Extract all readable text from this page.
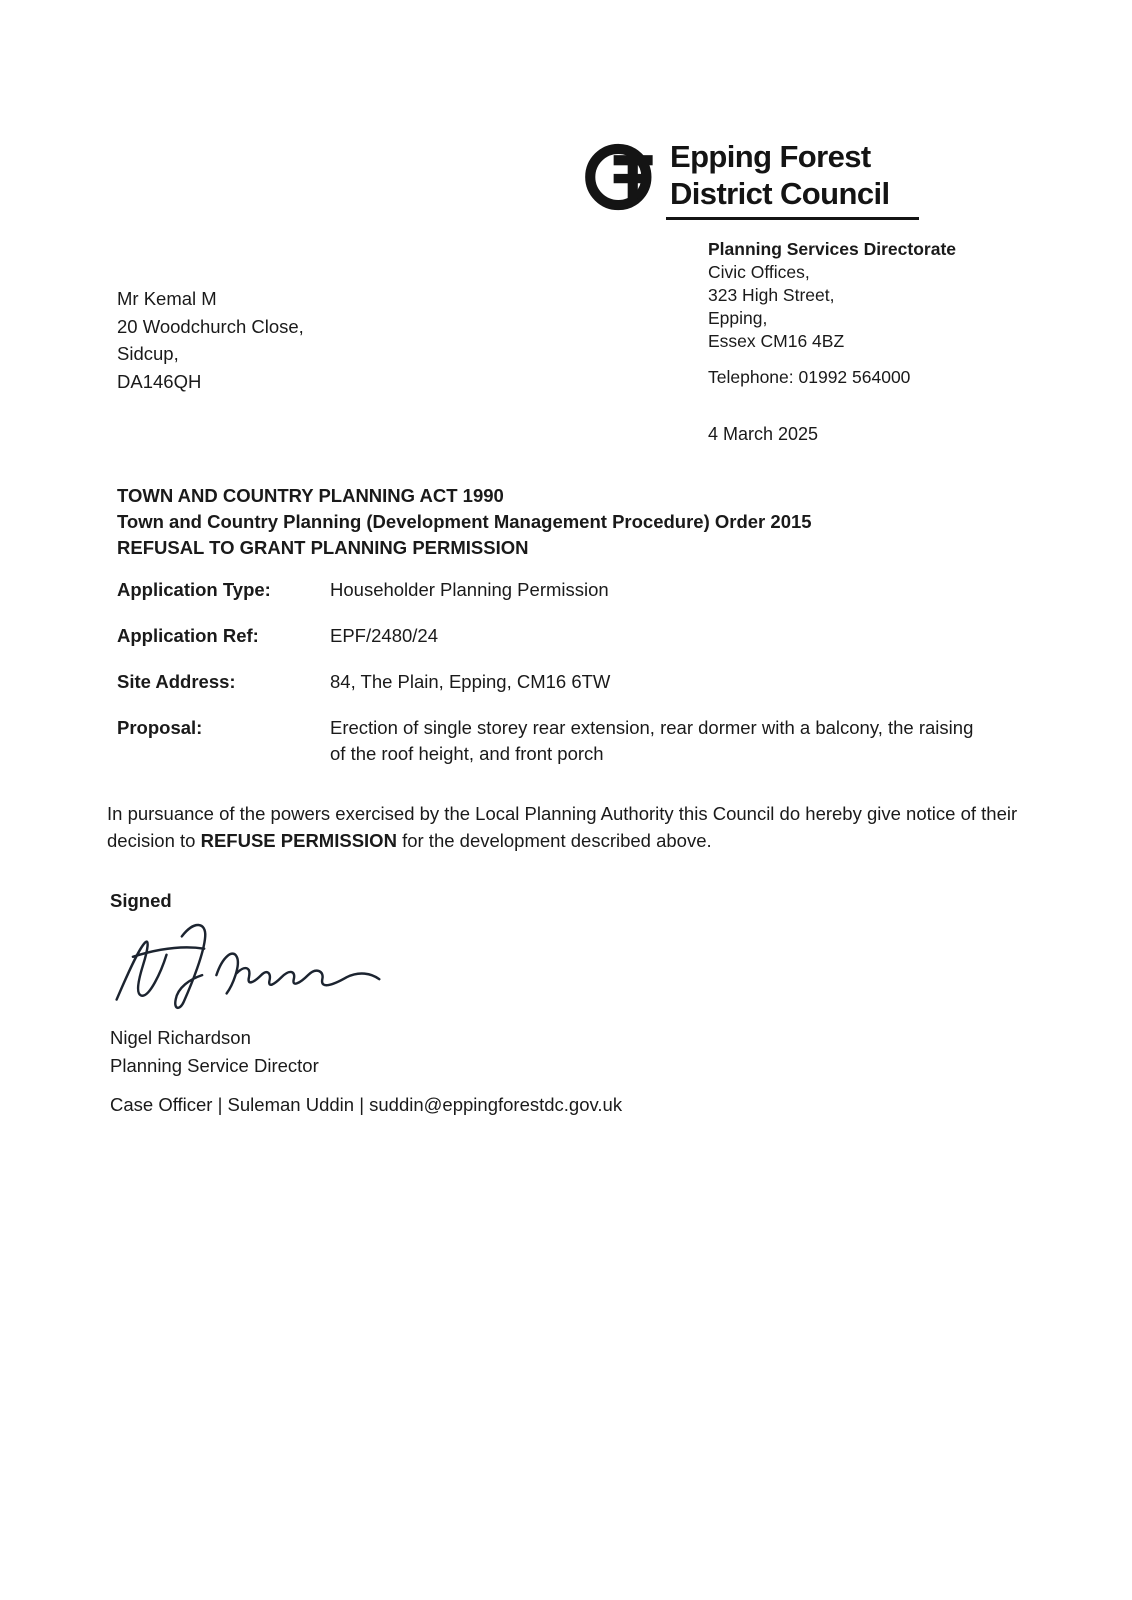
Epping Forest
District Council
Planning Services Directorate
Civic Offices,
323 High Street,
Epping,
Essex CM16 4BZ
Telephone: 01992 564000
4 March 2025
Mr Kemal M
20 Woodchurch Close,
Sidcup,
DA146QH
TOWN AND COUNTRY PLANNING ACT 1990
Town and Country Planning (Development Management Procedure) Order 2015
REFUSAL TO GRANT PLANNING PERMISSION
Application Type:	Householder Planning Permission
Application Ref:	EPF/2480/24
Site Address:	84, The Plain, Epping, CM16 6TW
Proposal:	Erection of single storey rear extension, rear dormer with a balcony, the raising of the roof height, and front porch
In pursuance of the powers exercised by the Local Planning Authority this Council do hereby give notice of their decision to REFUSE PERMISSION for the development described above.
Signed
Nigel Richardson
Planning Service Director
Case Officer | Suleman Uddin | suddin@eppingforestdc.gov.uk
